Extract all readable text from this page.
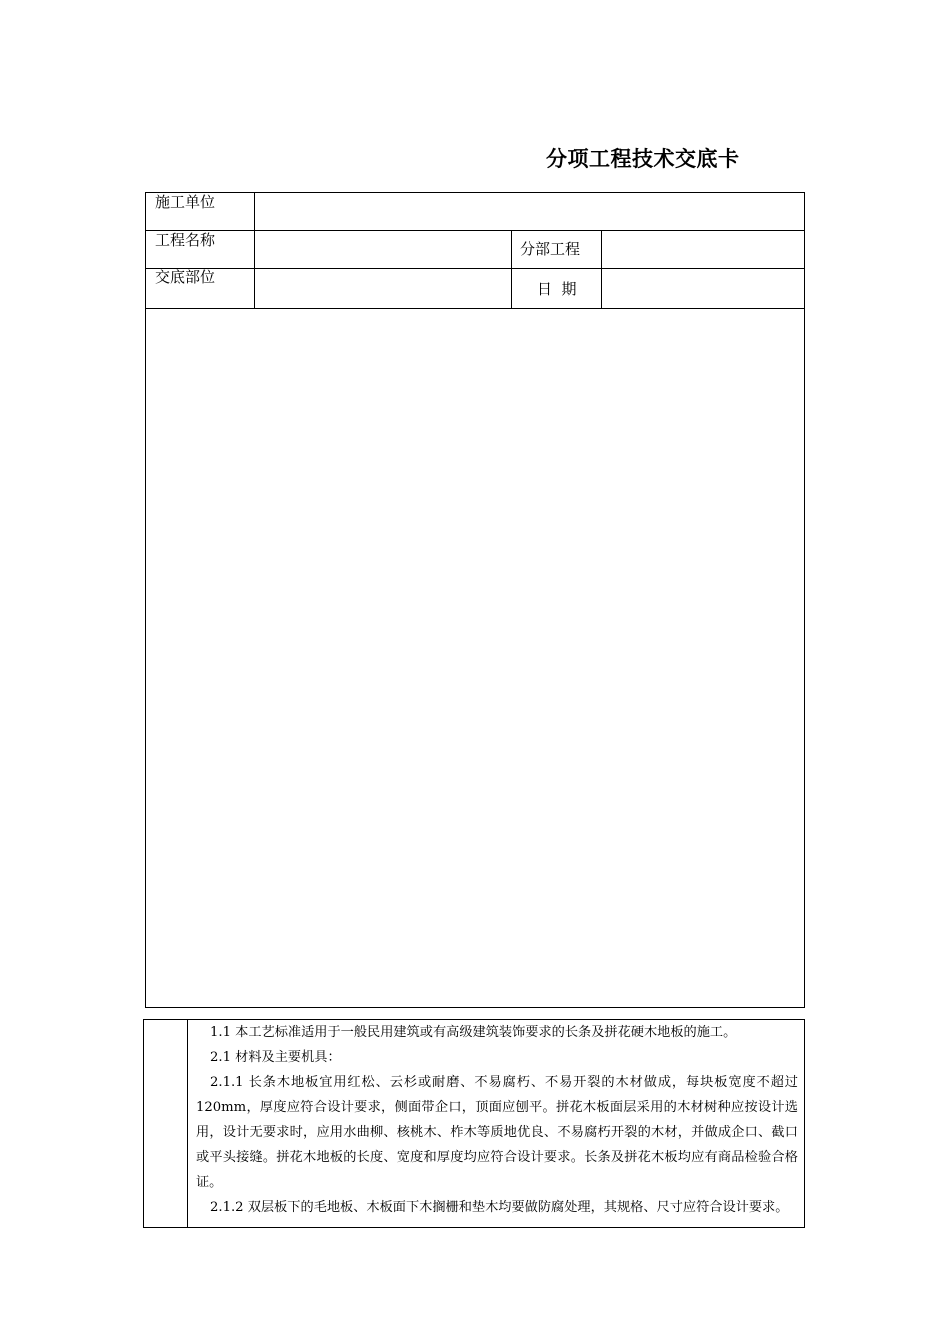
分项工程技术交底卡
施工单位
工程名称	分部工程
交底部位
日  期

1.1 本工艺标准适用于一般民用建筑或有高级建筑装饰要求的长条及拼花硬木地板的施工。

2.1 材料及主要机具：

2.1.1 长条木地板宜用红松、云杉或耐磨、不易腐朽、不易开裂的木材做成，每块板宽度不超过120mm，厚度应符合设计要求，侧面带企口，顶面应刨平。拼花木板面层采用的木材树种应按设计选用，设计无要求时，应用水曲柳、核桃木、柞木等质地优良、不易腐朽开裂的木材，并做成企口、截口或平头接缝。拼花木地板的长度、宽度和厚度均应符合设计要求。长条及拼花木板均应有商品检验合格证。

2.1.2 双层板下的毛地板、木板面下木搁栅和垫木均要做防腐处理，其规格、尺寸应符合设计要求。
